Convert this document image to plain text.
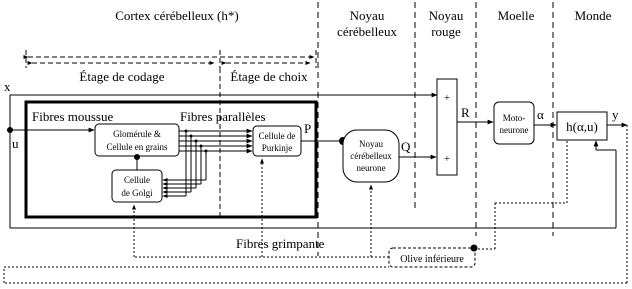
Cortex cérébelleux (h*)	Noyau
cérébelleux
Noyau
rouge
Moelle	Monde
Étage de codage	Étage de choix
x
u
Fibres moussue	Fibres parallèles
Glomérule &
Cellule en grains
Cellule
de Golgi
Cellule de
Purkinje
P
Noyau
cérébelleux
neurone
Q
+
+
R	Moto-
neurone
α
h(α,u)
y
Olive inférieure
Fibres grimpante
